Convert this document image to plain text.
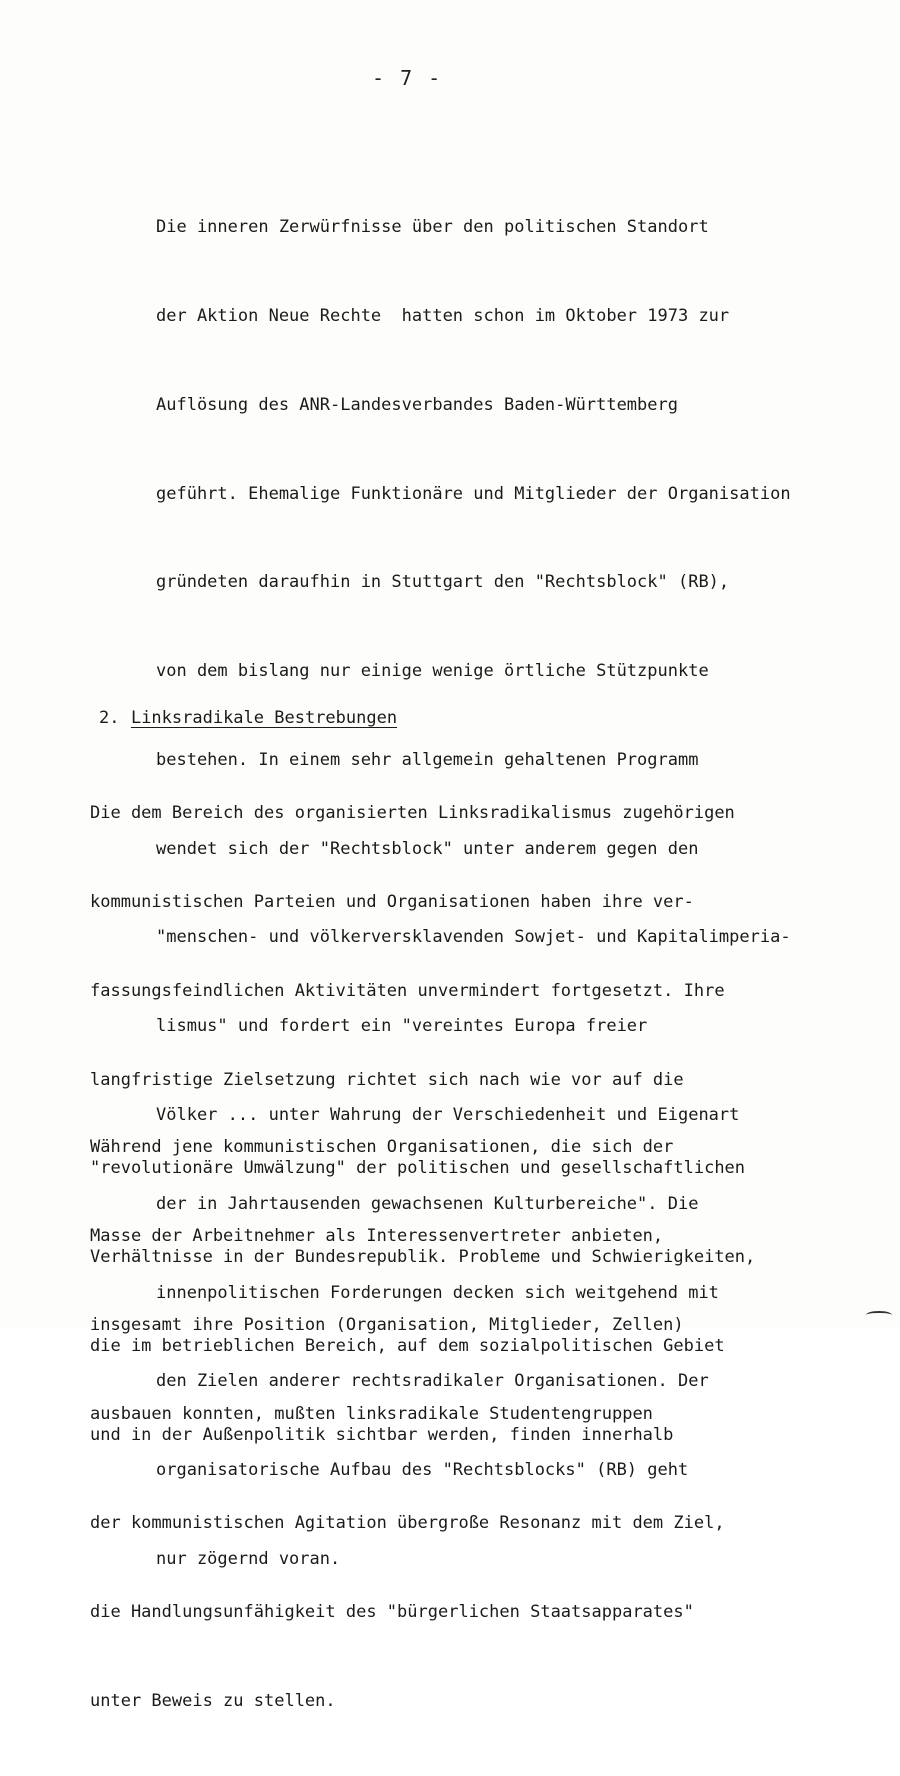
- 7 -

Die inneren Zerwürfnisse über den politischen Standort

der Aktion Neue Rechte  hatten schon im Oktober 1973 zur

Auflösung des ANR-Landesverbandes Baden-Württemberg

geführt. Ehemalige Funktionäre und Mitglieder der Organisation

gründeten daraufhin in Stuttgart den "Rechtsblock" (RB),

von dem bislang nur einige wenige örtliche Stützpunkte

bestehen. In einem sehr allgemein gehaltenen Programm

wendet sich der "Rechtsblock" unter anderem gegen den

"menschen- und völkerversklavenden Sowjet- und Kapitalimperia-

lismus" und fordert ein "vereintes Europa freier

Völker ... unter Wahrung der Verschiedenheit und Eigenart

der in Jahrtausenden gewachsenen Kulturbereiche". Die

innenpolitischen Forderungen decken sich weitgehend mit

den Zielen anderer rechtsradikaler Organisationen. Der

organisatorische Aufbau des "Rechtsblocks" (RB) geht

nur zögernd voran.

2. Linksradikale Bestrebungen

Die dem Bereich des organisierten Linksradikalismus zugehörigen

kommunistischen Parteien und Organisationen haben ihre ver-

fassungsfeindlichen Aktivitäten unvermindert fortgesetzt. Ihre

langfristige Zielsetzung richtet sich nach wie vor auf die

"revolutionäre Umwälzung" der politischen und gesellschaftlichen

Verhältnisse in der Bundesrepublik. Probleme und Schwierigkeiten,

die im betrieblichen Bereich, auf dem sozialpolitischen Gebiet

und in der Außenpolitik sichtbar werden, finden innerhalb

der kommunistischen Agitation übergroße Resonanz mit dem Ziel,

die Handlungsunfähigkeit des "bürgerlichen Staatsapparates"

unter Beweis zu stellen.

Während jene kommunistischen Organisationen, die sich der

Masse der Arbeitnehmer als Interessenvertreter anbieten,

insgesamt ihre Position (Organisation, Mitglieder, Zellen)

ausbauen konnten, mußten linksradikale Studentengruppen
